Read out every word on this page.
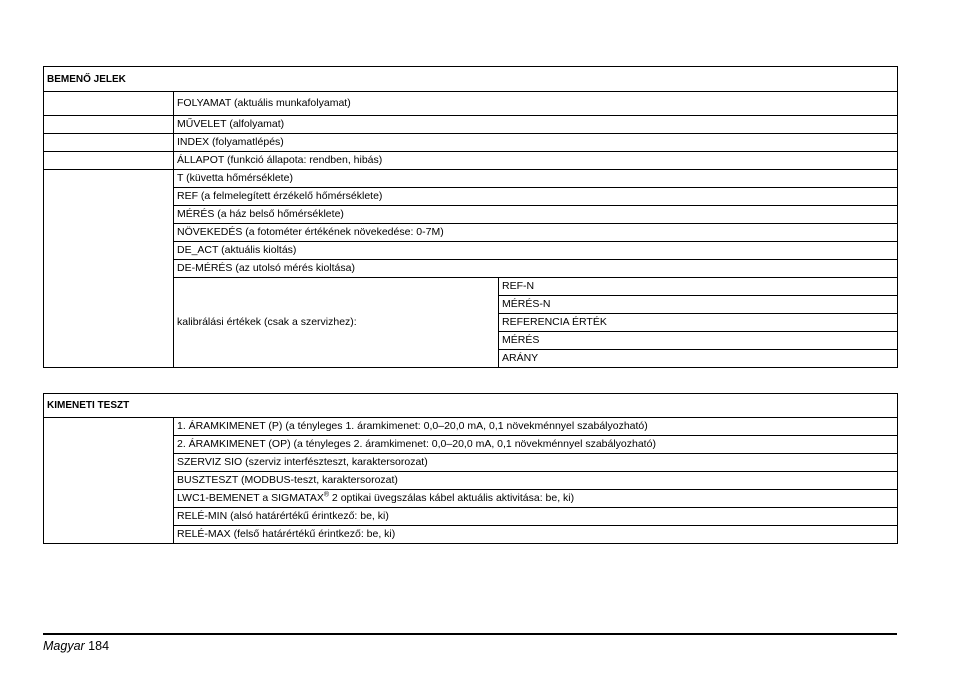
BEMENŐ JELEK		
	FOLYAMAT (aktuális munkafolyamat)	
	MŰVELET (alfolyamat)	
	INDEX (folyamatlépés)	
	ÁLLAPOT (funkció állapota: rendben, hibás)	
	T (küvetta hőmérséklete)	
	REF (a felmelegített érzékelő hőmérséklete)	
	MÉRÉS (a ház belső hőmérséklete)	
	NÖVEKEDÉS (a fotométer értékének növekedése: 0-7M)	
	DE_ACT (aktuális kioltás)	
	DE-MÉRÉS (az utolsó mérés kioltása)	
	kalibrálási értékek (csak a szervizhez):	REF-N
		MÉRÉS-N
		REFERENCIA ÉRTÉK
		MÉRÉS
		ARÁNY
KIMENETI TESZT
	1. ÁRAMKIMENET (P) (a tényleges 1. áramkimenet: 0,0–20,0 mA, 0,1 növekménnyel szabályozható)
2. ÁRAMKIMENET (OP) (a tényleges 2. áramkimenet: 0,0–20,0 mA, 0,1 növekménnyel szabályozható)
SZERVIZ SIO (szerviz interfészteszt, karaktersorozat)
BUSZTESZT (MODBUS-teszt, karaktersorozat)
LWC1-BEMENET a SIGMATAX® 2 optikai üvegszálas kábel aktuális aktivitása: be, ki)
RELÉ-MIN (alsó határértékű érintkező: be, ki)
RELÉ-MAX (felső határértékű érintkező: be, ki)
Magyar 184
